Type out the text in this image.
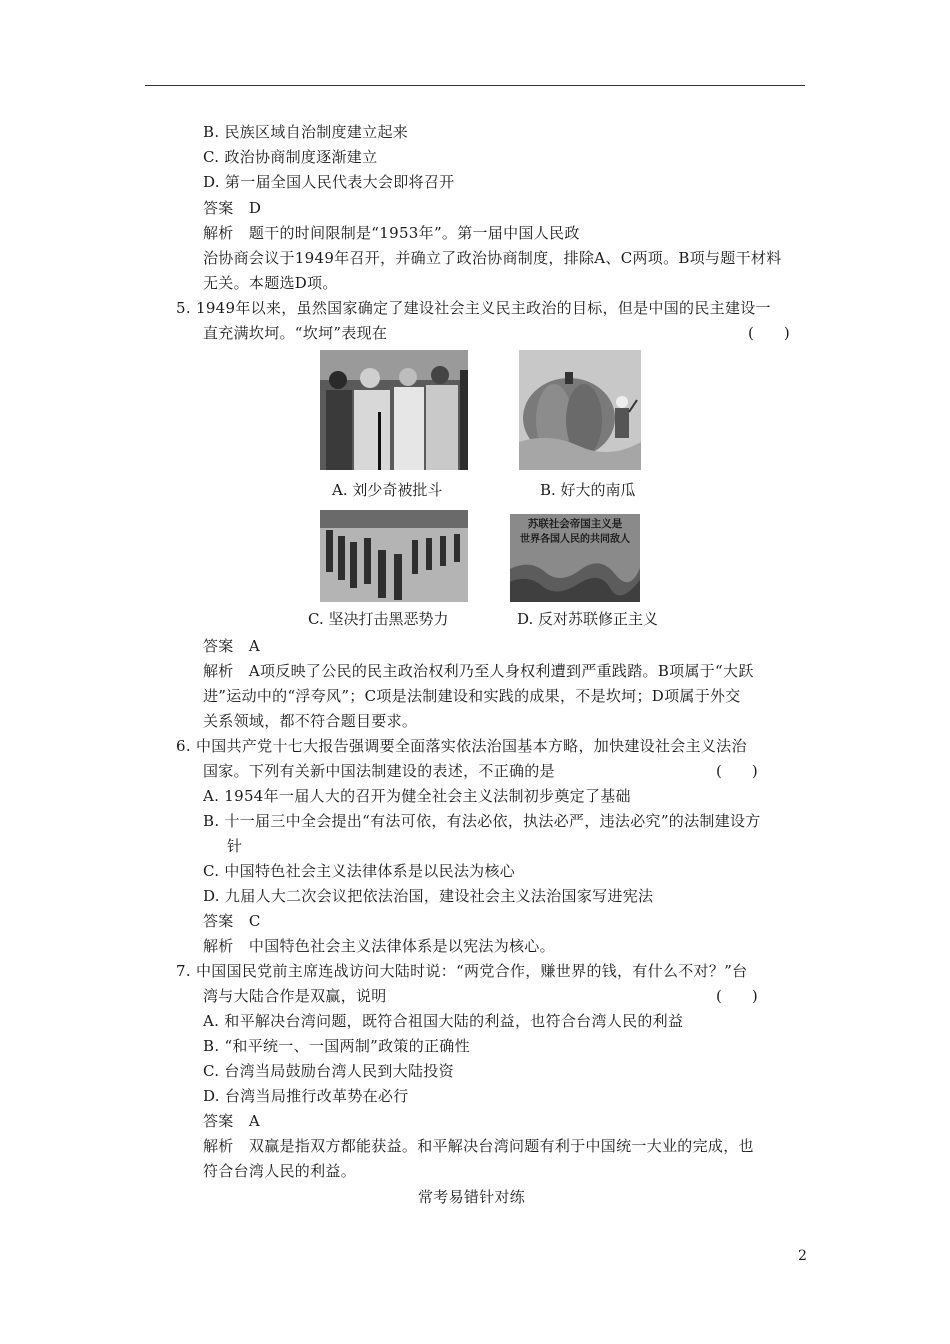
B. 民族区域自治制度建立起来
C. 政治协商制度逐渐建立
D. 第一届全国人民代表大会即将召开
答案　D
解析　题干的时间限制是“1953年”。第一届中国人民政
治协商会议于1949年召开，并确立了政治协商制度，排除A、C两项。B项与题干材料
无关。本题选D项。
5. 1949年以来，虽然国家确定了建设社会主义民主政治的目标，但是中国的民主建设一
直充满坎坷。“坎坷”表现在	(　　)
A. 刘少奇被批斗	B. 好大的南瓜
苏联社会帝国主义是
世界各国人民的共同敌人
C. 坚决打击黑恶势力	D. 反对苏联修正主义
答案　A
解析　A项反映了公民的民主政治权利乃至人身权利遭到严重践踏。B项属于“大跃
进”运动中的“浮夸风”；C项是法制建设和实践的成果，不是坎坷；D项属于外交
关系领域，都不符合题目要求。
6. 中国共产党十七大报告强调要全面落实依法治国基本方略，加快建设社会主义法治
国家。下列有关新中国法制建设的表述，不正确的是	(　　)
A. 1954年一届人大的召开为健全社会主义法制初步奠定了基础
B. 十一届三中全会提出“有法可依，有法必依，执法必严，违法必究”的法制建设方
针
C. 中国特色社会主义法律体系是以民法为核心
D. 九届人大二次会议把依法治国，建设社会主义法治国家写进宪法
答案　C
解析　中国特色社会主义法律体系是以宪法为核心。
7. 中国国民党前主席连战访问大陆时说：“两党合作，赚世界的钱，有什么不对？”台
湾与大陆合作是双赢，说明	(　　)
A. 和平解决台湾问题，既符合祖国大陆的利益，也符合台湾人民的利益
B. “和平统一、一国两制”政策的正确性
C. 台湾当局鼓励台湾人民到大陆投资
D. 台湾当局推行改革势在必行
答案　A
解析　双赢是指双方都能获益。和平解决台湾问题有利于中国统一大业的完成，也
符合台湾人民的利益。
常考易错针对练
2
